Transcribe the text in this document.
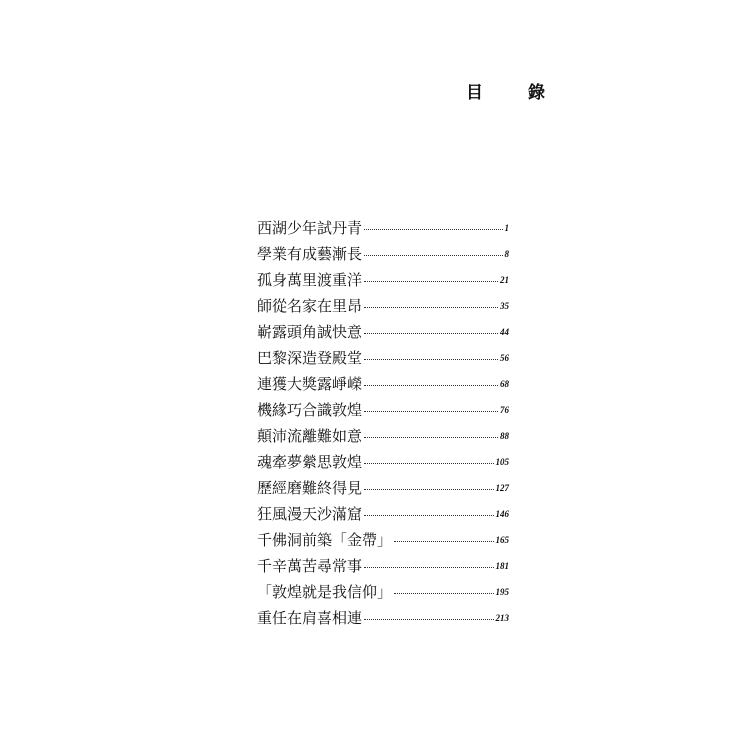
目　錄
西湖少年試丹青	1
學業有成藝漸長	8
孤身萬里渡重洋	21
師從名家在里昂	35
嶄露頭角誠快意	44
巴黎深造登殿堂	56
連獲大獎露崢嶸	68
機緣巧合識敦煌	76
顛沛流離難如意	88
魂牽夢縈思敦煌	105
歷經磨難終得見	127
狂風漫天沙滿窟	146
千佛洞前築「金帶」	165
千辛萬苦尋常事	181
「敦煌就是我信仰」	195
重任在肩喜相連	213
